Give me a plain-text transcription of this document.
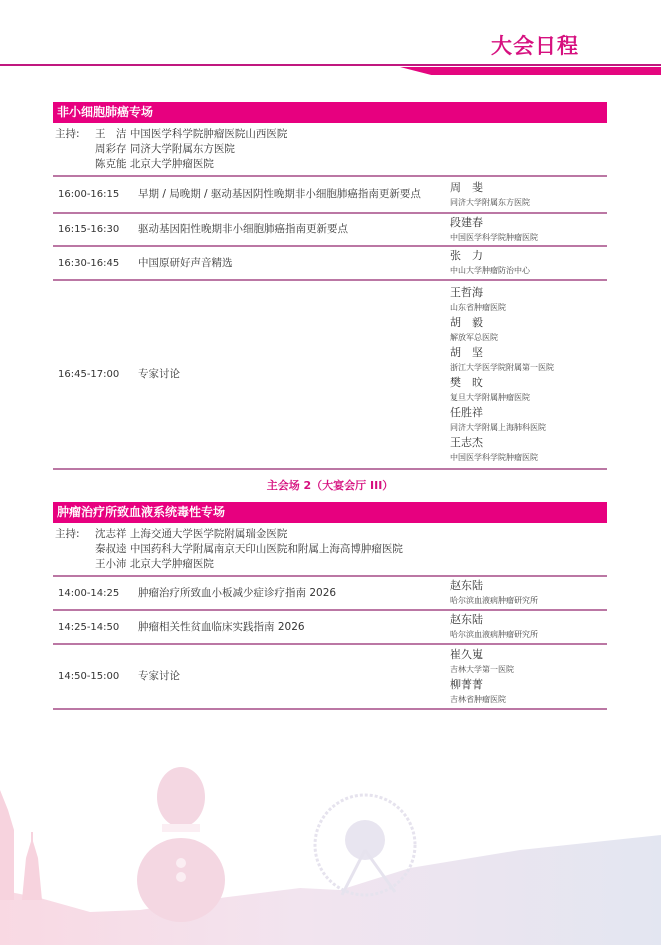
大会日程
非小细胞肺癌专场
主持:	王　洁 中国医学科学院肿瘤医院山西医院
周彩存 同济大学附属东方医院
陈克能 北京大学肿瘤医院
16:00-16:15	早期 / 局晚期 / 驱动基因阴性晚期非小细胞肺癌指南更新要点
周　斐
同济大学附属东方医院
16:15-16:30	驱动基因阳性晚期非小细胞肺癌指南更新要点
段建春
中国医学科学院肿瘤医院
16:30-16:45	中国原研好声音精选
张　力
中山大学肿瘤防治中心
16:45-17:00	专家讨论
王哲海
山东省肿瘤医院
胡　毅
解放军总医院
胡　坚
浙江大学医学院附属第一医院
樊　旼
复旦大学附属肿瘤医院
任胜祥
同济大学附属上海肺科医院
王志杰
中国医学科学院肿瘤医院
主会场 2（大宴会厅 III）
肿瘤治疗所致血液系统毒性专场
主持:	沈志祥 上海交通大学医学院附属瑞金医院
秦叔逵 中国药科大学附属南京天印山医院和附属上海高博肿瘤医院
王小沛 北京大学肿瘤医院
14:00-14:25	肿瘤治疗所致血小板减少症诊疗指南 2026
赵东陆
哈尔滨血液病肿瘤研究所
14:25-14:50	肿瘤相关性贫血临床实践指南 2026
赵东陆
哈尔滨血液病肿瘤研究所
14:50-15:00	专家讨论
崔久嵬
吉林大学第一医院
柳菁菁
吉林省肿瘤医院
